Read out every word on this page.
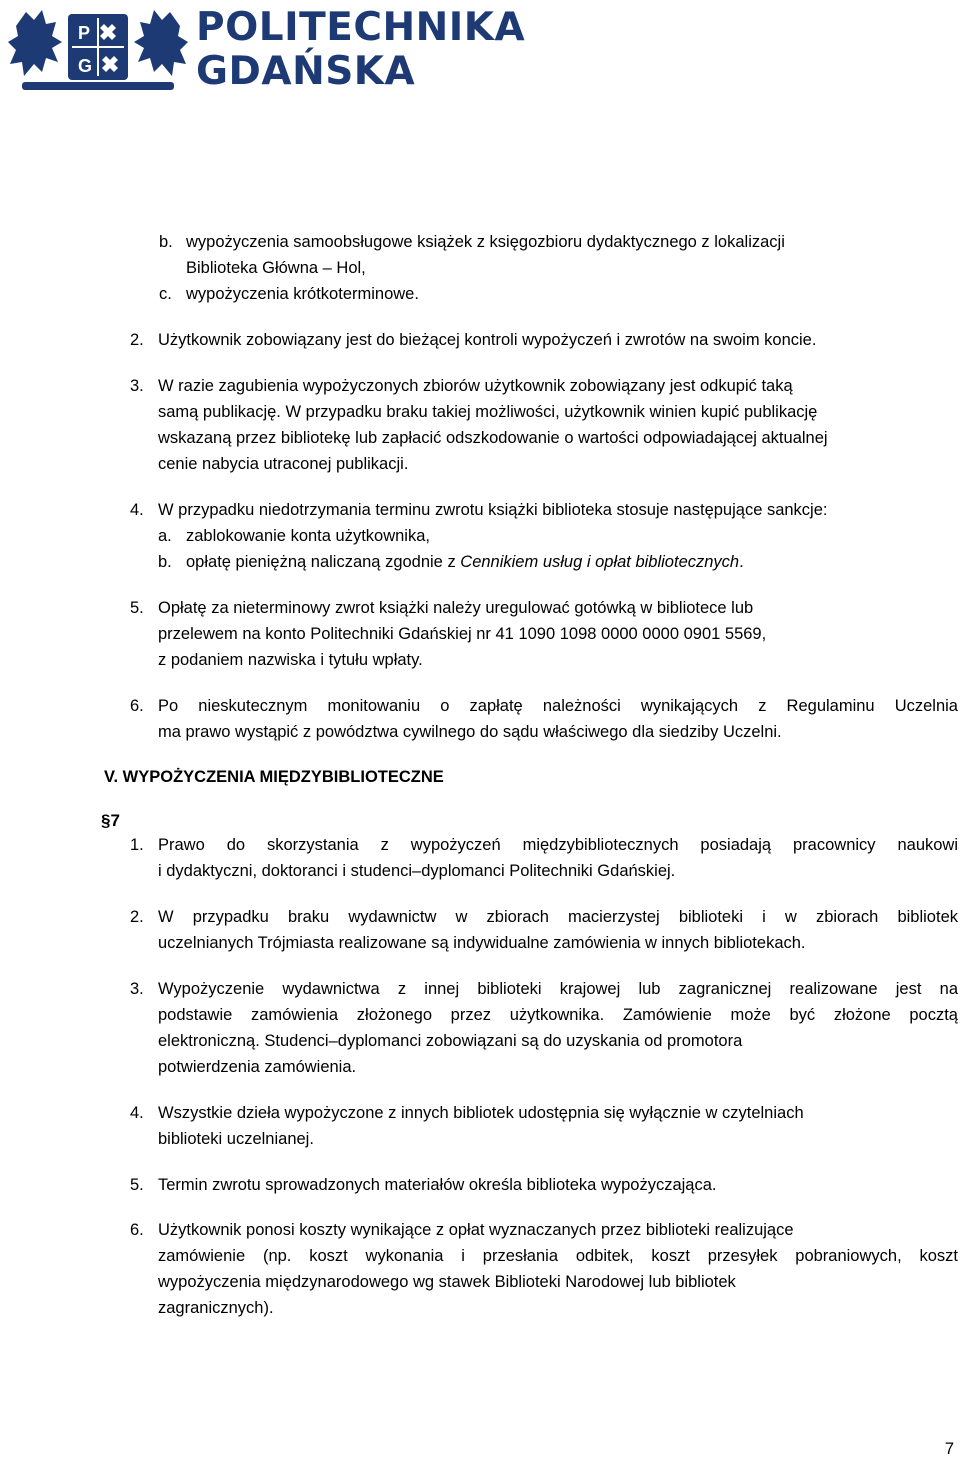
P
G
POLITECHNIKA
GDAŃSKA
b. wypożyczenia samoobsługowe książek z księgozbioru dydaktycznego z lokalizacji
Biblioteka Główna – Hol,
c. wypożyczenia krótkoterminowe.
2. Użytkownik zobowiązany jest do bieżącej kontroli wypożyczeń i zwrotów na swoim koncie.
3. W razie zagubienia wypożyczonych zbiorów użytkownik zobowiązany jest odkupić taką
samą publikację. W przypadku braku takiej możliwości, użytkownik winien kupić publikację
wskazaną przez bibliotekę lub zapłacić odszkodowanie o wartości odpowiadającej aktualnej
cenie nabycia utraconej publikacji.
4. W przypadku niedotrzymania terminu zwrotu książki biblioteka stosuje następujące sankcje:
a. zablokowanie konta użytkownika,
b. opłatę pieniężną naliczaną zgodnie z Cennikiem usług i opłat bibliotecznych.
5. Opłatę za nieterminowy zwrot książki należy uregulować gotówką w bibliotece lub
przelewem na konto Politechniki Gdańskiej nr 41 1090 1098 0000 0000 0901 5569,
z podaniem nazwiska i tytułu wpłaty.
6. Po nieskutecznym monitowaniu o zapłatę należności wynikających z Regulaminu Uczelnia
ma prawo wystąpić z powództwa cywilnego do sądu właściwego dla siedziby Uczelni.
V. WYPOŻYCZENIA MIĘDZYBIBLIOTECZNE
§7
1. Prawo do skorzystania z wypożyczeń międzybibliotecznych posiadają pracownicy naukowi
i dydaktyczni, doktoranci i studenci–dyplomanci Politechniki Gdańskiej.
2. W przypadku braku wydawnictw w zbiorach macierzystej biblioteki i w zbiorach bibliotek
uczelnianych Trójmiasta realizowane są indywidualne zamówienia w innych bibliotekach.
3. Wypożyczenie wydawnictwa z innej biblioteki krajowej lub zagranicznej realizowane jest na
podstawie zamówienia złożonego przez użytkownika. Zamówienie może być złożone pocztą
elektroniczną. Studenci–dyplomanci zobowiązani są do uzyskania od promotora
potwierdzenia zamówienia.
4. Wszystkie dzieła wypożyczone z innych bibliotek udostępnia się wyłącznie w czytelniach
biblioteki uczelnianej.
5. Termin zwrotu sprowadzonych materiałów określa biblioteka wypożyczająca.
6. Użytkownik ponosi koszty wynikające z opłat wyznaczanych przez biblioteki realizujące
zamówienie (np. koszt wykonania i przesłania odbitek, koszt przesyłek pobraniowych, koszt
wypożyczenia międzynarodowego wg stawek Biblioteki Narodowej lub bibliotek
zagranicznych).
7
